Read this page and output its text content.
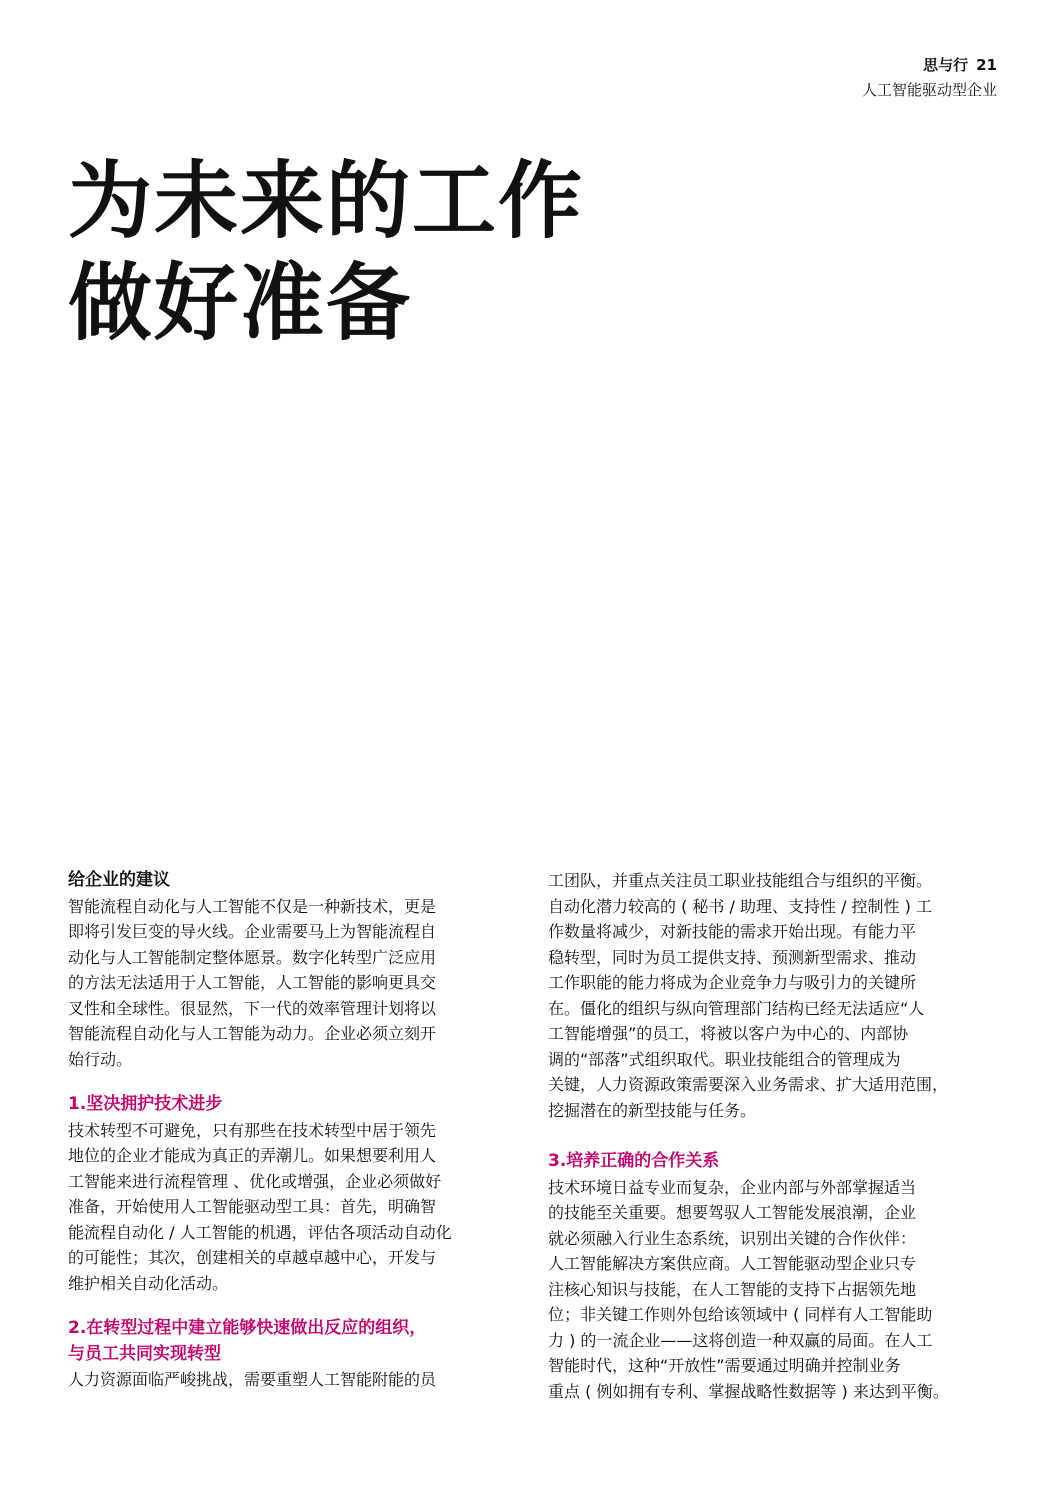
思与行 21
人工智能驱动型企业
为未来的工作
做好准备
给企业的建议

智能流程自动化与人工智能不仅是一种新技术，更是
即将引发巨变的导火线。企业需要马上为智能流程自
动化与人工智能制定整体愿景。数字化转型广泛应用
的方法无法适用于人工智能，人工智能的影响更具交
叉性和全球性。很显然，下一代的效率管理计划将以
智能流程自动化与人工智能为动力。企业必须立刻开
始行动。

1.坚决拥护技术进步

技术转型不可避免，只有那些在技术转型中居于领先
地位的企业才能成为真正的弄潮儿。如果想要利用人
工智能来进行流程管理 、优化或增强，企业必须做好
准备，开始使用人工智能驱动型工具：首先，明确智
能流程自动化 / 人工智能的机遇，评估各项活动自动化
的可能性；其次，创建相关的卓越卓越中心，开发与
维护相关自动化活动。

2.在转型过程中建立能够快速做出反应的组织，
与员工共同实现转型

人力资源面临严峻挑战，需要重塑人工智能附能的员

工团队，并重点关注员工职业技能组合与组织的平衡。
自动化潜力较高的 ( 秘书 / 助理、支持性 / 控制性 ) 工
作数量将减少，对新技能的需求开始出现。有能力平
稳转型，同时为员工提供支持、预测新型需求、推动
工作职能的能力将成为企业竞争力与吸引力的关键所
在。僵化的组织与纵向管理部门结构已经无法适应“人
工智能增强”的员工，将被以客户为中心的、内部协
调的“部落”式组织取代。职业技能组合的管理成为
关键，人力资源政策需要深入业务需求、扩大适用范围，
挖掘潜在的新型技能与任务。

3.培养正确的合作关系

技术环境日益专业而复杂，企业内部与外部掌握适当
的技能至关重要。想要驾驭人工智能发展浪潮，企业
就必须融入行业生态系统，识别出关键的合作伙伴：
人工智能解决方案供应商。人工智能驱动型企业只专
注核心知识与技能，在人工智能的支持下占据领先地
位；非关键工作则外包给该领域中 ( 同样有人工智能助
力 ) 的一流企业——这将创造一种双赢的局面。在人工
智能时代，这种“开放性”需要通过明确并控制业务
重点 ( 例如拥有专利、掌握战略性数据等 ) 来达到平衡。
